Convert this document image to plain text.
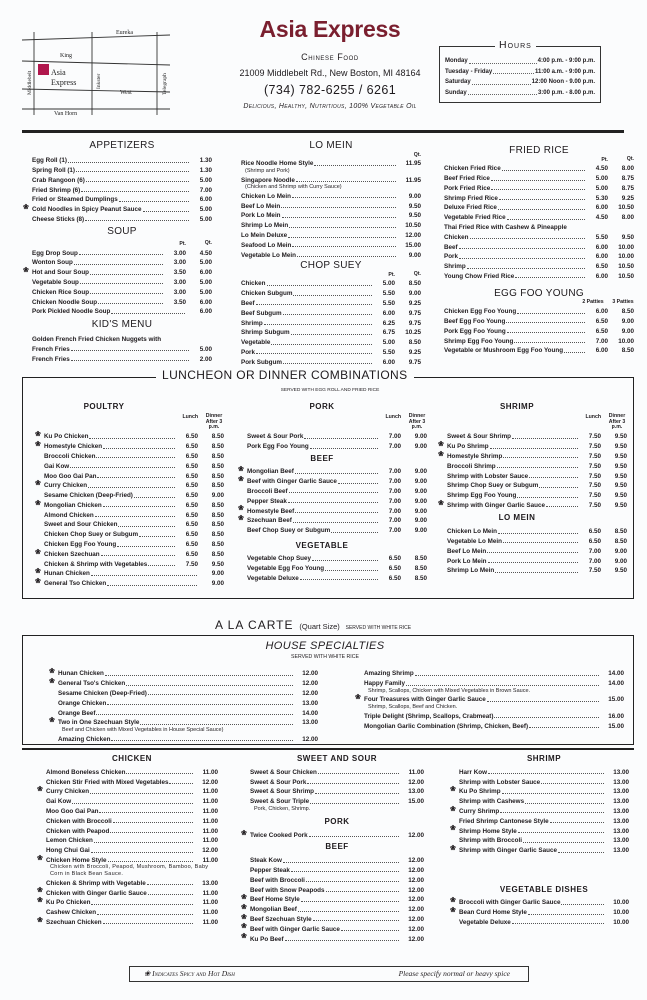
Eureka
King
Asia
Express
West
Van Horn
Middlebelt	Inkster	Telegraph
Asia Express
Chinese Food
21009 Middlebelt Rd., New Boston, MI 48164
(734) 782-6255 / 6261
Delicious, Healthy, Nutritious, 100% Vegetable Oil
Hours
Monday	4:00 p.m. - 9:00 p.m.
Tuesday - Friday	11:00 a.m. - 9:00 p.m.
Saturday	12:00 Noon - 9.00 p.m.
Sunday	3:00 p.m. - 8.00 p.m.
APPETIZERS
Egg Roll (1)	1.30
Spring Roll (1)	1.30
Crab Rangoon (6)	5.00
Fried Shrimp (6)	7.00
Fried or Steamed Dumplings	6.00
❀ Cold Noodles in Spicy Peanut Sauce	5.00
Cheese Sticks (8)	5.00
SOUP
Pt.	Qt.
Egg Drop Soup	3.00	4.50
Wonton Soup	3.00	5.00
❀ Hot and Sour Soup	3.50	6.00
Vegetable Soup	3.00	5.00
Chicken Rice Soup	3.00	5.00
Chicken Noodle Soup	3.50	6.00
Pork Pickled Noodle Soup	6.00
KID'S MENU
Golden French Fried Chicken Nuggets with
French Fries	5.00
French Fries	2.00
LO MEIN
Qt.
Rice Noodle Home Style	11.95
(Shrimp and Pork)
Singapore Noodle	11.95
(Chicken and Shrimp with Curry Sauce)
Chicken Lo Mein	9.00
Beef Lo Mein	9.50
Pork Lo Mein	9.50
Shrimp Lo Mein	10.50
Lo Mein Deluxe	12.00
Seafood Lo Mein	15.00
Vegetable Lo Mein	9.00
CHOP SUEY
Pt.	Qt.
Chicken	5.00	8.50
Chicken Subgum	5.50	9.00
Beef	5.50	9.25
Beef Subgum	6.00	9.75
Shrimp	6.25	9.75
Shrimp Subgum	6.75	10.25
Vegetable	5.00	8.50
Pork	5.50	9.25
Pork Subgum	6.00	9.75
FRIED RICE
Pt.	Qt.
Chicken Fried Rice	4.50	8.00
Beef Fried Rice	5.00	8.75
Pork Fried Rice	5.00	8.75
Shrimp Fried Rice	5.30	9.25
Deluxe Fried Rice	6.00	10.50
Vegetable Fried Rice	4.50	8.00
Thai Fried Rice with Cashew & Pineapple
Chicken	5.50	9.50
Beef	6.00	10.00
Pork	6.00	10.00
Shrimp	6.50	10.50
Young Chow Fried Rice	6.00	10.50
EGG FOO YOUNG
2 Patties	3 Patties
Chicken Egg Foo Young	6.00	8.50
Beef Egg Foo Young	6.50	9.00
Pork Egg Foo Young	6.50	9.00
Shrimp Egg Foo Young	7.00	10.00
Vegetable or Mushroom Egg Foo Young	6.00	8.50
LUNCHEON OR DINNER COMBINATIONS
SERVED WITH EGG ROLL AND FRIED RICE
POULTRY
Lunch	Dinner After 3 p.m.
❀ Ku Po Chicken	6.50	8.50
❀ Homestyle Chicken	6.50	8.50
Broccoli Chicken	6.50	8.50
Gai Kow	6.50	8.50
Moo Goo Gai Pan	6.50	8.50
❀ Curry Chicken	6.50	8.50
Sesame Chicken (Deep-Fried)	6.50	9.00
❀ Mongolian Chicken	6.50	8.50
Almond Chicken	6.50	8.50
Sweet and Sour Chicken	6.50	8.50
Chicken Chop Suey or Subgum	6.50	8.50
Chicken Egg Foo Young	6.50	8.50
❀ Chicken Szechuan	6.50	8.50
Chicken & Shrimp with Vegetables	7.50	9.50
❀ Hunan Chicken	9.00
❀ General Tso Chicken	9.00
PORK
Lunch	Dinner After 3 p.m.
Sweet & Sour Pork	7.00	9.00
Pork Egg Foo Young	7.00	9.00
BEEF
❀ Mongolian Beef	7.00	9.00
❀ Beef with Ginger Garlic Sauce	7.00	9.00
Broccoli Beef	7.00	9.00
Pepper Steak	7.00	9.00
❀ Homestyle Beef	7.00	9.00
❀ Szechuan Beef	7.00	9.00
Beef Chop Suey or Subgum	7.00	9.00
VEGETABLE
Vegetable Chop Suey	6.50	8.50
Vegetable Egg Foo Young	6.50	8.50
Vegetable Deluxe	6.50	8.50
SHRIMP
Lunch	Dinner After 3 p.m.
Sweet & Sour Shrimp	7.50	9.50
❀ Ku Po Shrimp	7.50	9.50
❀ Homestyle Shrimp	7.50	9.50
Broccoli Shrimp	7.50	9.50
Shrimp with Lobster Sauce	7.50	9.50
Shrimp Chop Suey or Subgum	7.50	9.50
Shrimp Egg Foo Young	7.50	9.50
❀ Shrimp with Ginger Garlic Sauce	7.50	9.50
LO MEIN
Chicken Lo Mein	6.50	8.50
Vegetable Lo Mein	6.50	8.50
Beef Lo Mein	7.00	9.00
Pork Lo Mein	7.00	9.00
Shrimp Lo Mein	7.50	9.50
A LA CARTE (Quart Size) SERVED WITH WHITE RICE
HOUSE SPECIALTIES
SERVED WITH WHITE RICE
❀ Hunan Chicken	12.00
❀ General Tso's Chicken	12.00
Sesame Chicken (Deep-Fried)	12.00
Orange Chicken	13.00
Orange Beef	14.00
❀ Two in One Szechuan Style	13.00
Beef and Chicken with Mixed Vegetables in House Special Sauce)
Amazing Chicken	12.00
Amazing Shrimp	14.00
Happy Family	14.00
Shrimp, Scallops, Chicken with Mixed Vegetables in Brown Sauce.
❀ Four Treasures with Ginger Garlic Sauce	15.00
Shrimp, Scallops, Beef and Chicken.
Triple Delight (Shrimp, Scallops, Crabmeat)	16.00
Mongolian Garlic Combination (Shrimp, Chicken, Beef)	15.00
CHICKEN
Almond Boneless Chicken	11.00
Chicken Stir Fried with Mixed Vegetables	12.00
❀ Curry Chicken	11.00
Gai Kow	11.00
Moo Goo Gai Pan	11.00
Chicken with Broccoli	11.00
Chicken with Peapod	11.00
Lemon Chicken	11.00
Hong Chui Gai	12.00
❀ Chicken Home Style	11.00
Chicken with Broccoli, Peapod, Mushroom, Bamboo, Baby Corn in Black Bean Sauce.
Chicken & Shrimp with Vegetable	13.00
❀ Chicken with Ginger Garlic Sauce	11.00
❀ Ku Po Chicken	11.00
Cashew Chicken	11.00
❀ Szechuan Chicken	11.00
SWEET AND SOUR
Sweet & Sour Chicken	11.00
Sweet & Sour Pork	12.00
Sweet & Sour Shrimp	13.00
Sweet & Sour Triple	15.00
Pork, Chicken, Shrimp.
PORK
❀ Twice Cooked Pork	12.00
BEEF
Steak Kow	12.00
Pepper Steak	12.00
Beef with Broccoli	12.00
Beef with Snow Peapods	12.00
❀ Beef Home Style	12.00
❀ Mongolian Beef	12.00
❀ Beef Szechuan Style	12.00
❀ Beef with Ginger Garlic Sauce	12.00
❀ Ku Po Beef	12.00
SHRIMP
Harr Kow	13.00
Shrimp with Lobster Sauce	13.00
❀ Ku Po Shrimp	13.00
Shrimp with Cashews	13.00
❀ Curry Shrimp	13.00
Fried Shrimp Cantonese Style	13.00
❀ Shrimp Home Style	13.00
Shrimp with Broccoli	13.00
❀ Shrimp with Ginger Garlic Sauce	13.00
VEGETABLE DISHES
❀ Broccoli with Ginger Garlic Sauce	10.00
❀ Bean Curd Home Style	10.00
Vegetable Deluxe	10.00
❀ Indicates Spicy and Hot Dish	Please specify normal or heavy spice
